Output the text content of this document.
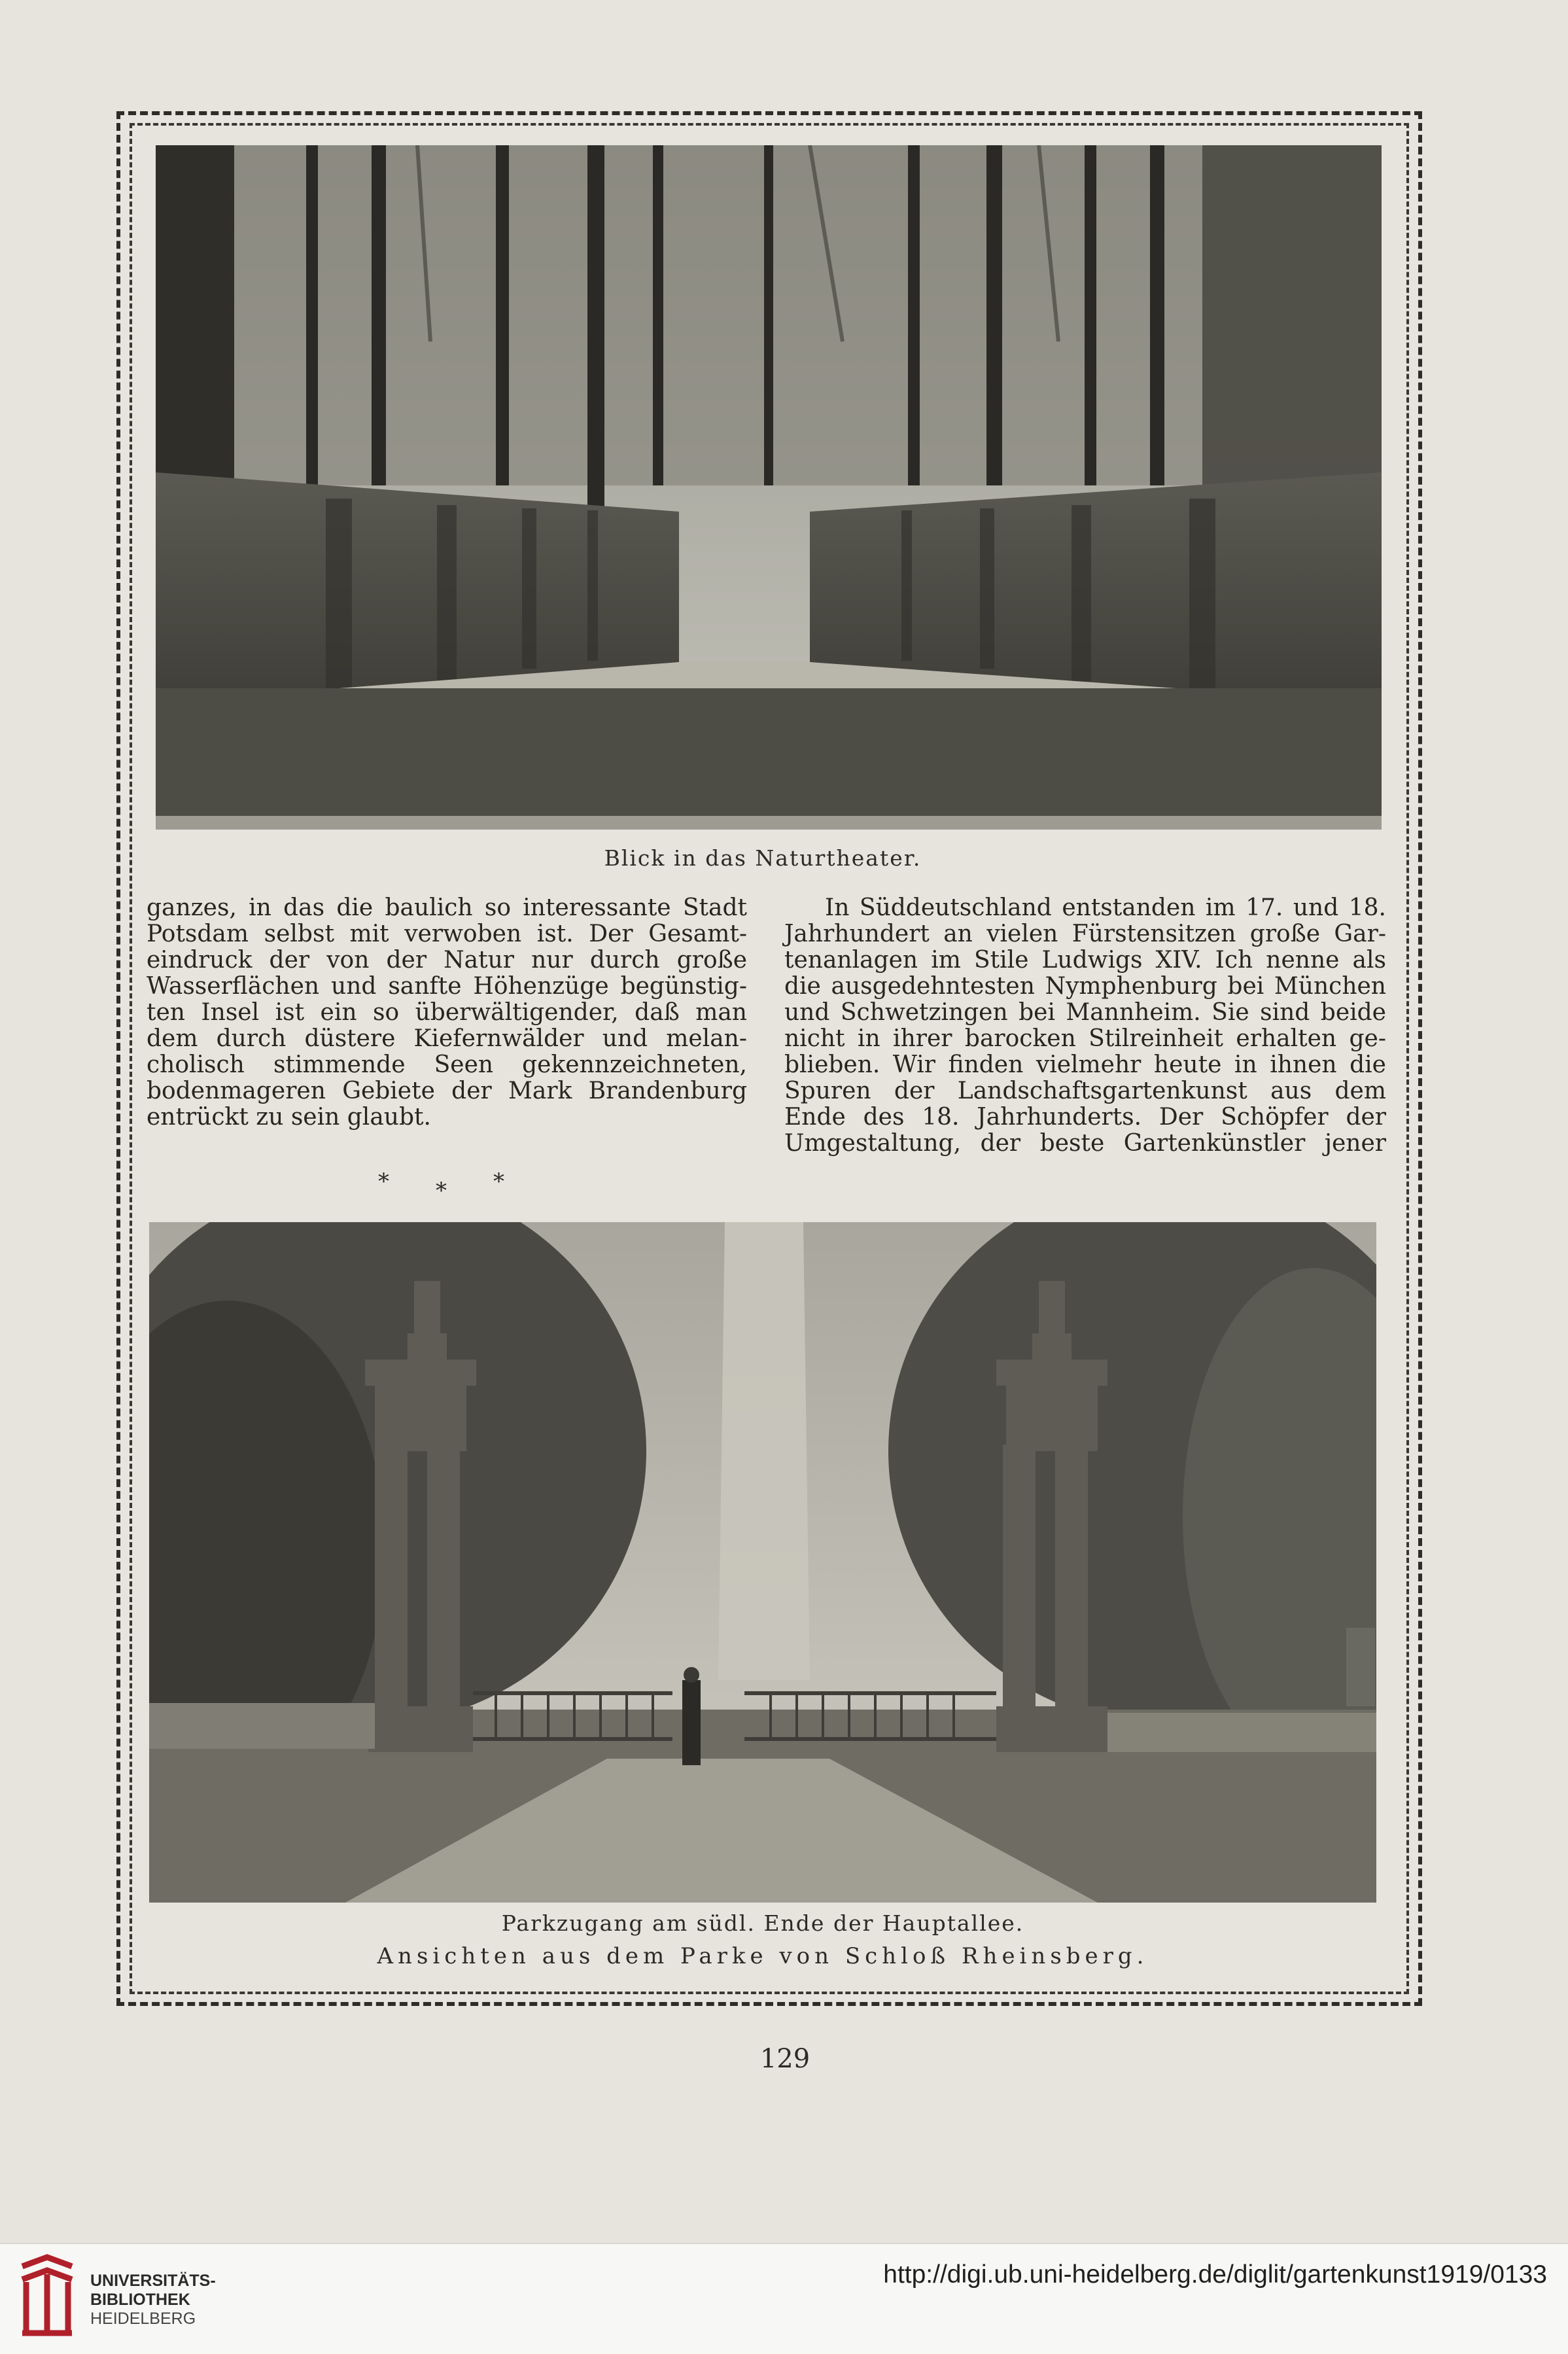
Blick in das Naturtheater.

ganzes, in das die baulich so interessante Stadt

Potsdam selbst mit verwoben ist. Der Gesamt-

eindruck der von der Natur nur durch große

Wasserflächen und sanfte Höhenzüge begünstig-

ten Insel ist ein so überwältigender, daß man

dem durch düstere Kiefernwälder und melan-

cholisch stimmende Seen gekennzeichneten,

bodenmageren Gebiete der Mark Brandenburg

entrückt zu sein glaubt.

* * *

In Süddeutschland entstanden im 17. und 18.

Jahrhundert an vielen Fürstensitzen große Gar-

tenanlagen im Stile Ludwigs XIV. Ich nenne als

die ausgedehntesten Nymphenburg bei München

und Schwetzingen bei Mannheim. Sie sind beide

nicht in ihrer barocken Stilreinheit erhalten ge-

blieben. Wir finden vielmehr heute in ihnen die

Spuren der Landschaftsgartenkunst aus dem

Ende des 18. Jahrhunderts. Der Schöpfer der

Umgestaltung, der beste Gartenkünstler jener

Parkzugang am südl. Ende der Hauptallee.
Ansichten aus dem Parke von Schloß Rheinsberg.
129
UNIVERSITÄTS-
BIBLIOTHEK
HEIDELBERG
http://digi.ub.uni-heidelberg.de/diglit/gartenkunst1919/0133
